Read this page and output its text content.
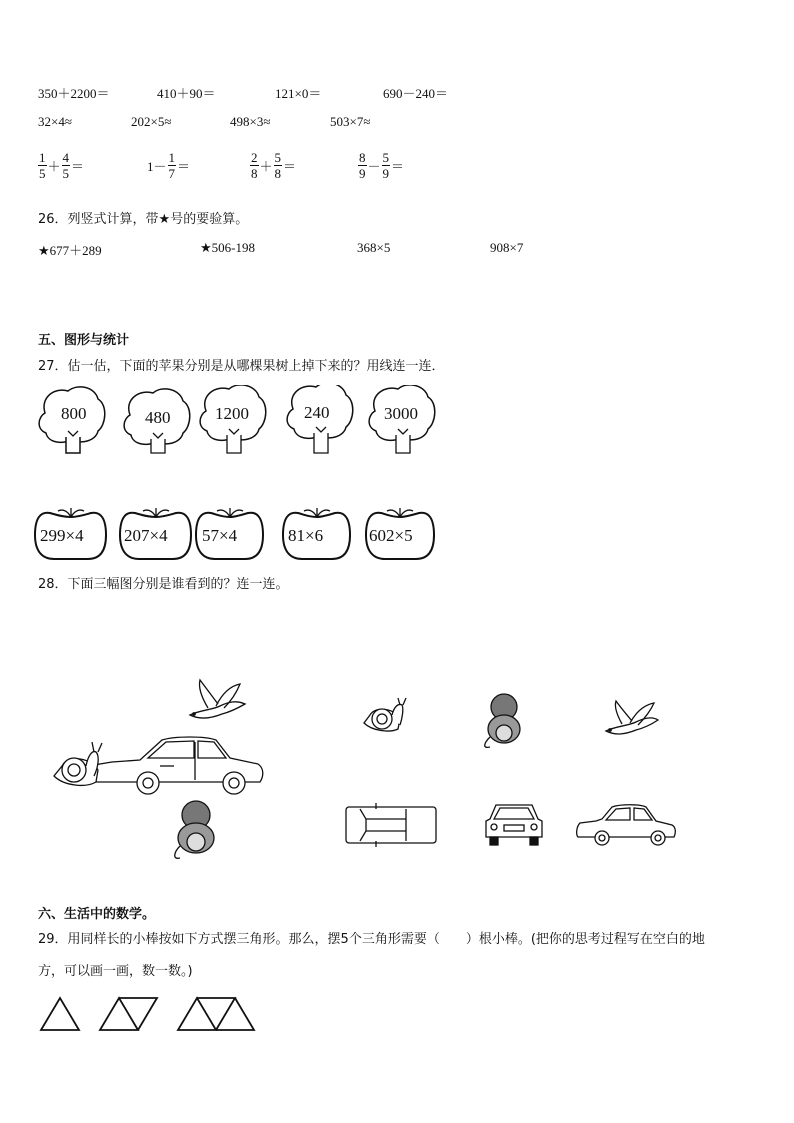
350＋2200＝	410＋90＝	121×0＝	690－240＝
32×4≈	202×5≈	498×3≈	503×7≈
$\frac{1}{5} + \frac{4}{5}$ ＝	$1- \frac{1}{7}$ ＝	$\frac{2}{8} + \frac{5}{8}$ ＝	$\frac{8}{9} - \frac{5}{9}$ ＝
26．列竖式计算，带★号的要验算。
★677＋289	★506-198	368×5	908×7
五、图形与统计
27．估一估，下面的苹果分别是从哪棵果树上掉下来的？用线连一连．
800	480	1200	240	3000
299×4 207×4 57×4	81×6	602×5
28．下面三幅图分别是谁看到的？连一连。
六、生活中的数学。
29．用同样长的小棒按如下方式摆三角形。那么，摆5个三角形需要（　　）根小棒。(把你的思考过程写在空白的地
方，可以画一画，数一数。)
